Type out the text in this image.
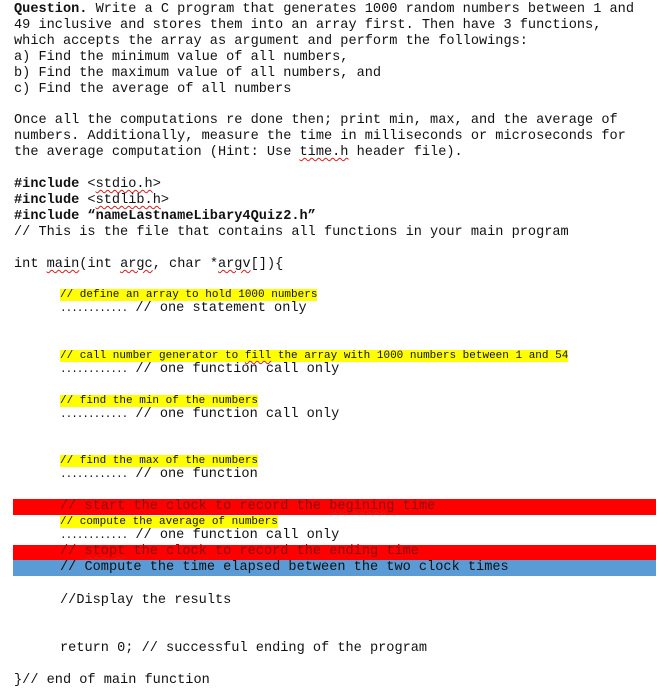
Question. Write a C program that generates 1000 random numbers between 1 and
49 inclusive and stores them into an array first. Then have 3 functions,
which accepts the array as argument and perform the followings:
a) Find the minimum value of all numbers,
b) Find the maximum value of all numbers, and
c) Find the average of all numbers
Once all the computations re done then; print min, max, and the average of
numbers. Additionally, measure the time in milliseconds or microseconds for
the average computation (Hint: Use time.h header file).
#include <stdio.h>
#include <stdlib.h>
#include “nameLastnameLibary4Quiz2.h”
// This is the file that contains all functions in your main program
int main(int argc, char *argv[]){
// define an array to hold 1000 numbers
............ // one statement only
// call number generator to fill the array with 1000 numbers between 1 and 54
............ // one function call only
// find the min of the numbers
............ // one function call only
// find the max of the numbers
............ // one function
// start the clock to record the begining time
// compute the average of numbers
............ // one function call only
// stopt the clock to record the ending time
// Compute the time elapsed between the two clock times
//Display the results
return 0; // successful ending of the program
}// end of main function
